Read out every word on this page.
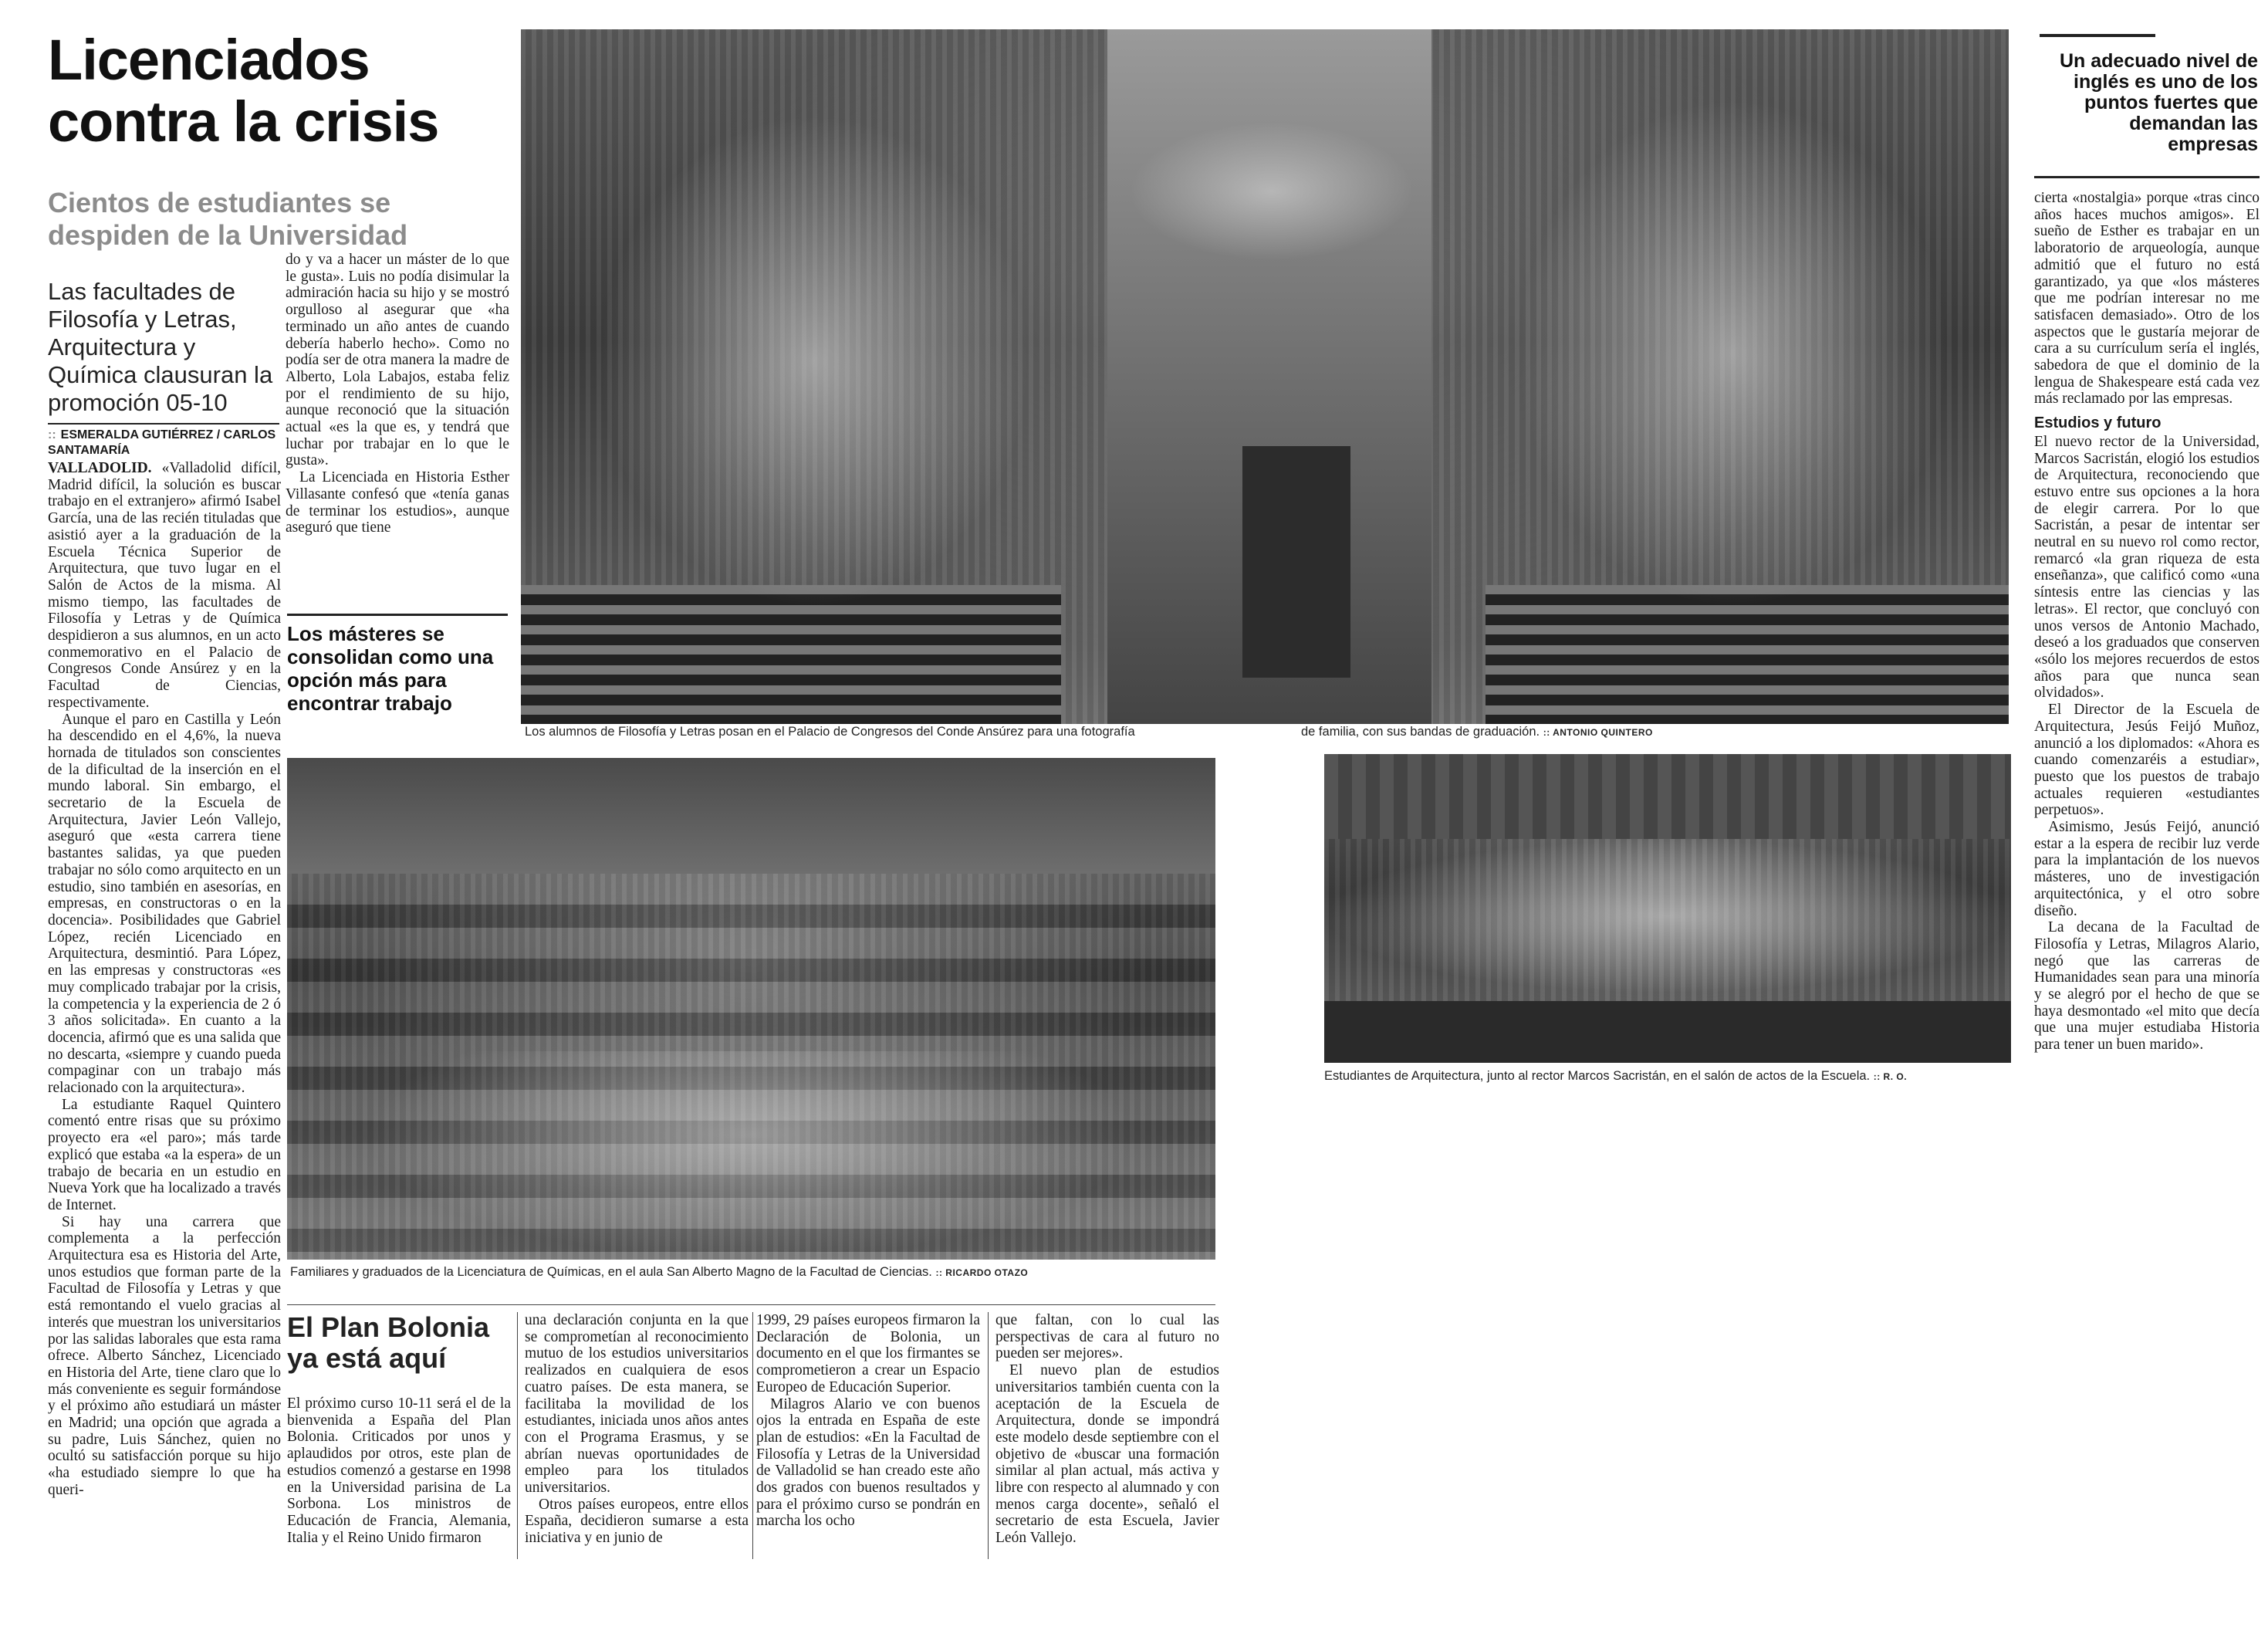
Licenciados contra la crisis
Cientos de estudiantes se despiden de la Universidad

Las facultades de Filosofía y Letras, Arquitectura y Química clausuran la promoción 05-10

:: ESMERALDA GUTIÉRREZ / CARLOS SANTAMARÍA

VALLADOLID. «Valladolid difícil, Madrid difícil, la solución es buscar trabajo en el extranjero» afirmó Isabel García, una de las recién tituladas que asistió ayer a la graduación de la Escuela Técnica Superior de Arquitectura, que tuvo lugar en el Salón de Actos de la misma. Al mismo tiempo, las facultades de Filosofía y Letras y de Química despidieron a sus alumnos, en un acto conmemorativo en el Palacio de Congresos Conde Ansúrez y en la Facultad de Ciencias, respectivamente.

Aunque el paro en Castilla y León ha descendido en el 4,6%, la nueva hornada de titulados son conscientes de la dificultad de la inserción en el mundo laboral. Sin embargo, el secretario de la Escuela de Arquitectura, Javier León Vallejo, aseguró que «esta carrera tiene bastantes salidas, ya que pueden trabajar no sólo como arquitecto en un estudio, sino también en asesorías, en empresas, en constructoras o en la docencia». Posibilidades que Gabriel López, recién Licenciado en Arquitectura, desmintió. Para López, en las empresas y constructoras «es muy complicado trabajar por la crisis, la competencia y la experiencia de 2 ó 3 años solicitada». En cuanto a la docencia, afirmó que es una salida que no descarta, «siempre y cuando pueda compaginar con un trabajo más relacionado con la arquitectura».

La estudiante Raquel Quintero comentó entre risas que su próximo proyecto era «el paro»; más tarde explicó que estaba «a la espera» de un trabajo de becaria en un estudio en Nueva York que ha localizado a través de Internet.

Si hay una carrera que complementa a la perfección Arquitectura esa es Historia del Arte, unos estudios que forman parte de la Facultad de Filosofía y Letras y que está remontando el vuelo gracias al interés que muestran los universitarios por las salidas laborales que esta rama ofrece. Alberto Sánchez, Licenciado en Historia del Arte, tiene claro que lo más conveniente es seguir formándose y el próximo año estudiará un máster en Madrid; una opción que agrada a su padre, Luis Sánchez, quien no ocultó su satisfacción porque su hijo «ha estudiado siempre lo que ha queri-

do y va a hacer un máster de lo que le gusta». Luis no podía disimular la admiración hacia su hijo y se mostró orgulloso al asegurar que «ha terminado un año antes de cuando debería haberlo hecho». Como no podía ser de otra manera la madre de Alberto, Lola Labajos, estaba feliz por el rendimiento de su hijo, aunque reconoció que la situación actual «es la que es, y tendrá que luchar por trabajar en lo que le gusta».

La Licenciada en Historia Esther Villasante confesó que «tenía ganas de terminar los estudios», aunque aseguró que tiene

Los másteres se consolidan como una opción más para encontrar trabajo
Los alumnos de Filosofía y Letras posan en el Palacio de Congresos del Conde Ansúrez para una fotografía	de familia, con sus bandas de graduación. :: ANTONIO QUINTERO
Familiares y graduados de la Licenciatura de Químicas, en el aula San Alberto Magno de la Facultad de Ciencias. :: RICARDO OTAZO
Estudiantes de Arquitectura, junto al rector Marcos Sacristán, en el salón de actos de la Escuela. :: R. O.
Un adecuado nivel de inglés es uno de los puntos fuertes que demandan las empresas

cierta «nostalgia» porque «tras cinco años haces muchos amigos». El sueño de Esther es trabajar en un laboratorio de arqueología, aunque admitió que el futuro no está garantizado, ya que «los másteres que me podrían interesar no me satisfacen demasiado». Otro de los aspectos que le gustaría mejorar de cara a su currículum sería el inglés, sabedora de que el dominio de la lengua de Shakespeare está cada vez más reclamado por las empresas.

Estudios y futuro

El nuevo rector de la Universidad, Marcos Sacristán, elogió los estudios de Arquitectura, reconociendo que estuvo entre sus opciones a la hora de elegir carrera. Por lo que Sacristán, a pesar de intentar ser neutral en su nuevo rol como rector, remarcó «la gran riqueza de esta enseñanza», que calificó como «una síntesis entre las ciencias y las letras». El rector, que concluyó con unos versos de Antonio Machado, deseó a los graduados que conserven «sólo los mejores recuerdos de estos años para que nunca sean olvidados».

El Director de la Escuela de Arquitectura, Jesús Feijó Muñoz, anunció a los diplomados: «Ahora es cuando comenzaréis a estudiar», puesto que los puestos de trabajo actuales requieren «estudiantes perpetuos».

Asimismo, Jesús Feijó, anunció estar a la espera de recibir luz verde para la implantación de los nuevos másteres, uno de investigación arquitectónica, y el otro sobre diseño.

La decana de la Facultad de Filosofía y Letras, Milagros Alario, negó que las carreras de Humanidades sean para una minoría y se alegró por el hecho de que se haya desmontado «el mito que decía que una mujer estudiaba Historia para tener un buen marido».

El Plan Bolonia ya está aquí

El próximo curso 10-11 será el de la bienvenida a España del Plan Bolonia. Criticados por unos y aplaudidos por otros, este plan de estudios comenzó a gestarse en 1998 en la Universidad parisina de La Sorbona. Los ministros de Educación de Francia, Alemania, Italia y el Reino Unido firmaron

una declaración conjunta en la que se comprometían al reconocimiento mutuo de los estudios universitarios realizados en cualquiera de esos cuatro países. De esta manera, se facilitaba la movilidad de los estudiantes, iniciada unos años antes con el Programa Erasmus, y se abrían nuevas oportunidades de empleo para los titulados universitarios.

Otros países europeos, entre ellos España, decidieron sumarse a esta iniciativa y en junio de

1999, 29 países europeos firmaron la Declaración de Bolonia, un documento en el que los firmantes se comprometieron a crear un Espacio Europeo de Educación Superior.

Milagros Alario ve con buenos ojos la entrada en España de este plan de estudios: «En la Facultad de Filosofía y Letras de la Universidad de Valladolid se han creado este año dos grados con buenos resultados y para el próximo curso se pondrán en marcha los ocho

que faltan, con lo cual las perspectivas de cara al futuro no pueden ser mejores».

El nuevo plan de estudios universitarios también cuenta con la aceptación de la Escuela de Arquitectura, donde se impondrá este modelo desde septiembre con el objetivo de «buscar una formación similar al plan actual, más activa y libre con respecto al alumnado y con menos carga docente», señaló el secretario de esta Escuela, Javier León Vallejo.
